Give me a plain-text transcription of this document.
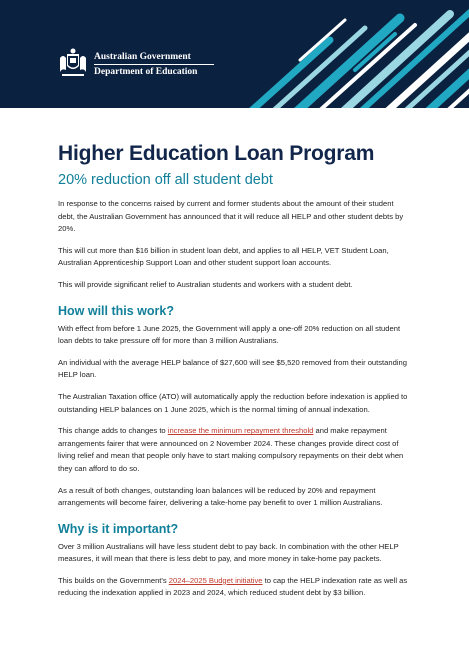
Australian Government
Department of Education
Higher Education Loan Program
20% reduction off all student debt

In response to the concerns raised by current and former students about the amount of their student debt, the Australian Government has announced that it will reduce all HELP and other student debts by 20%.

This will cut more than $16 billion in student loan debt, and applies to all HELP, VET Student Loan, Australian Apprenticeship Support Loan and other student support loan accounts.

This will provide significant relief to Australian students and workers with a student debt.

How will this work?

With effect from before 1 June 2025, the Government will apply a one-off 20% reduction on all student loan debts to take pressure off for more than 3 million Australians.

An individual with the average HELP balance of $27,600 will see $5,520 removed from their outstanding HELP loan.

The Australian Taxation office (ATO) will automatically apply the reduction before indexation is applied to outstanding HELP balances on 1 June 2025, which is the normal timing of annual indexation.

This change adds to changes to increase the minimum repayment threshold and make repayment arrangements fairer that were announced on 2 November 2024. These changes provide direct cost of living relief and mean that people only have to start making compulsory repayments on their debt when they can afford to do so.

As a result of both changes, outstanding loan balances will be reduced by 20% and repayment arrangements will become fairer, delivering a take-home pay benefit to over 1 million Australians.

Why is it important?

Over 3 million Australians will have less student debt to pay back. In combination with the other HELP measures, it will mean that there is less debt to pay, and more money in take-home pay packets.

This builds on the Government's 2024–2025 Budget initiative to cap the HELP indexation rate as well as reducing the indexation applied in 2023 and 2024, which reduced student debt by $3 billion.
